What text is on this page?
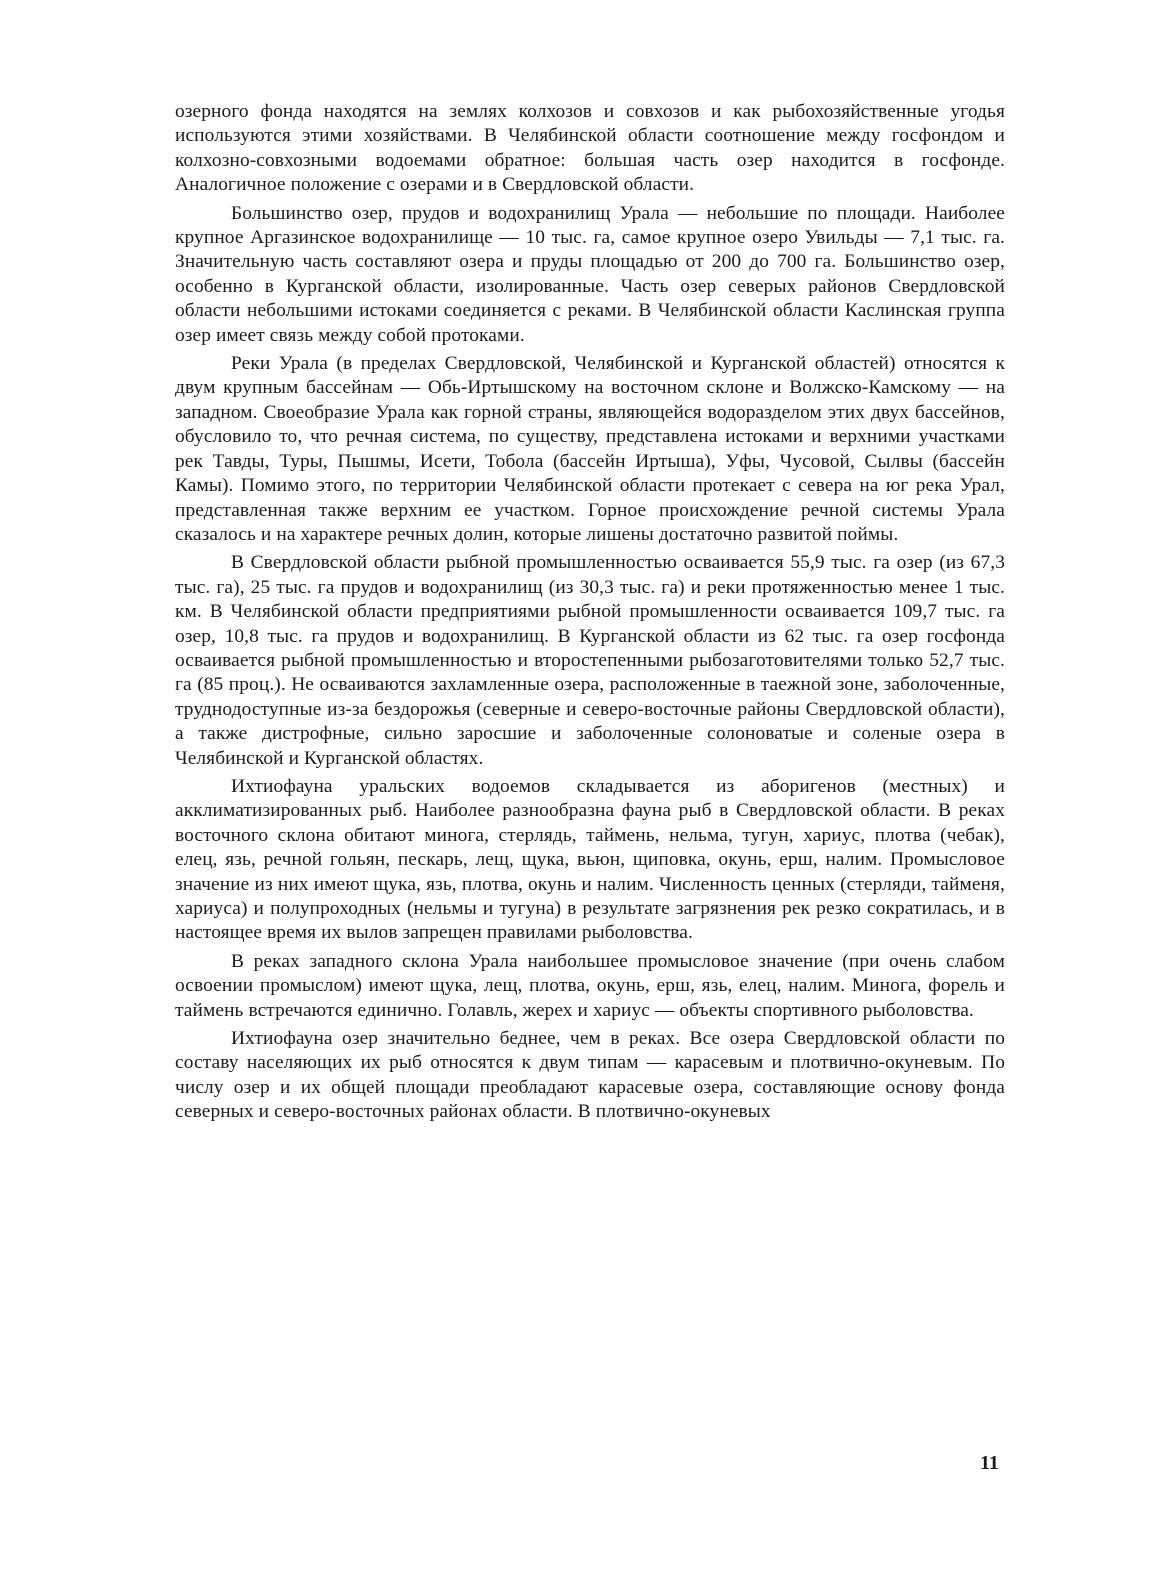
озерного фонда находятся на землях колхозов и совхозов и как рыбохозяйственные угодья используются этими хозяйствами. В Челябинской области соотношение между госфондом и колхозно-совхозными водоемами обратное: большая часть озер находится в госфонде. Аналогичное положение с озерами и в Свердловской области.

Большинство озер, прудов и водохранилищ Урала — небольшие по площади. Наиболее крупное Аргазинское водохранилище — 10 тыс. га, самое крупное озеро Увильды — 7,1 тыс. га. Значительную часть составляют озера и пруды площадью от 200 до 700 га. Большинство озер, особенно в Курганской области, изолированные. Часть озер северых районов Свердловской области небольшими истоками соединяется с реками. В Челябинской области Каслинская группа озер имеет связь между собой протоками.

Реки Урала (в пределах Свердловской, Челябинской и Курганской областей) относятся к двум крупным бассейнам — Обь-Иртышскому на восточном склоне и Волжско-Камскому — на западном. Своеобразие Урала как горной страны, являющейся водоразделом этих двух бассейнов, обусловило то, что речная система, по существу, представлена истоками и верхними участками рек Тавды, Туры, Пышмы, Исети, Тобола (бассейн Иртыша), Уфы, Чусовой, Сылвы (бассейн Камы). Помимо этого, по территории Челябинской области протекает с севера на юг река Урал, представленная также верхним ее участком. Горное происхождение речной системы Урала сказалось и на характере речных долин, которые лишены достаточно развитой поймы.

В Свердловской области рыбной промышленностью осваивается 55,9 тыс. га озер (из 67,3 тыс. га), 25 тыс. га прудов и водохранилищ (из 30,3 тыс. га) и реки протяженностью менее 1 тыс. км. В Челябинской области предприятиями рыбной промышленности осваивается 109,7 тыс. га озер, 10,8 тыс. га прудов и водохранилищ. В Курганской области из 62 тыс. га озер госфонда осваивается рыбной промышленностью и второстепенными рыбозаготовителями только 52,7 тыс. га (85 проц.). Не осваиваются захламленные озера, расположенные в таежной зоне, заболоченные, труднодоступные из-за бездорожья (северные и северо-восточные районы Свердловской области), а также дистрофные, сильно заросшие и заболоченные солоноватые и соленые озера в Челябинской и Курганской областях.

Ихтиофауна уральских водоемов складывается из аборигенов (местных) и акклиматизированных рыб. Наиболее разнообразна фауна рыб в Свердловской области. В реках восточного склона обитают минога, стерлядь, таймень, нельма, тугун, хариус, плотва (чебак), елец, язь, речной гольян, пескарь, лещ, щука, вьюн, щиповка, окунь, ерш, налим. Промысловое значение из них имеют щука, язь, плотва, окунь и налим. Численность ценных (стерляди, тайменя, хариуса) и полупроходных (нельмы и тугуна) в результате загрязнения рек резко сократилась, и в настоящее время их вылов запрещен правилами рыболовства.

В реках западного склона Урала наибольшее промысловое значение (при очень слабом освоении промыслом) имеют щука, лещ, плотва, окунь, ерш, язь, елец, налим. Минога, форель и таймень встречаются единично. Голавль, жерех и хариус — объекты спортивного рыболовства.

Ихтиофауна озер значительно беднее, чем в реках. Все озера Свердловской области по составу населяющих их рыб относятся к двум типам — карасевым и плотвично-окуневым. По числу озер и их общей площади преобладают карасевые озера, составляющие основу фонда северных и северо-восточных районах области. В плотвично-окуневых

11
